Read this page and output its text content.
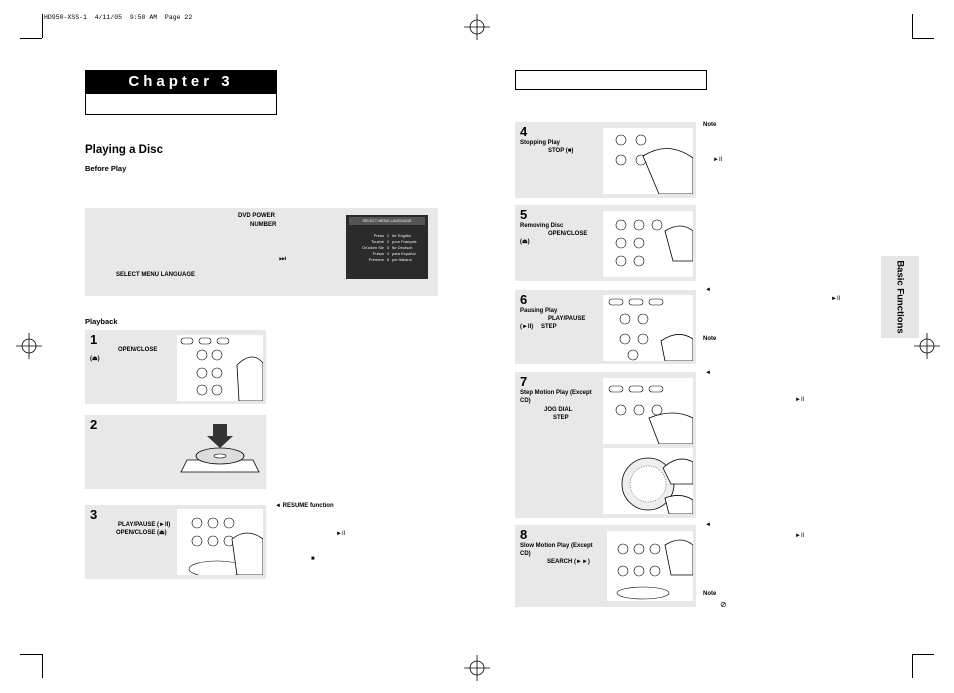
HD950-XSS-1  4/11/05  9:50 AM  Page 22
Chapter 3
Playing a Disc
Before Play
DVD POWER
NUMBER
⏭
SELECT MENU LANGUAGE
SELECT MENU LANGUAGE
Press 1 for English
Touche 2 pour Français
Drücken Sie 3 für Deutsch
Pulsar 4 para Español
Premere 5 per Italiano
Playback
1
OPEN/CLOSE
(⏏)
2
3
PLAY/PAUSE (►II)
OPEN/CLOSE (⏏)
◄ RESUME function
►II
■
Basic Functions
4
Stopping Play
STOP (■)
5
Removing Disc
OPEN/CLOSE
(⏏)
6
Pausing Play
PLAY/PAUSE
(►II) STEP
7
Step Motion Play (Except
CD)
JOG DIAL
STEP
8
Slow Motion Play (Except
CD)
SEARCH (►►)
Note
►II
◄
►II
Note
◄
►II
◄
►II
Note
⊘
